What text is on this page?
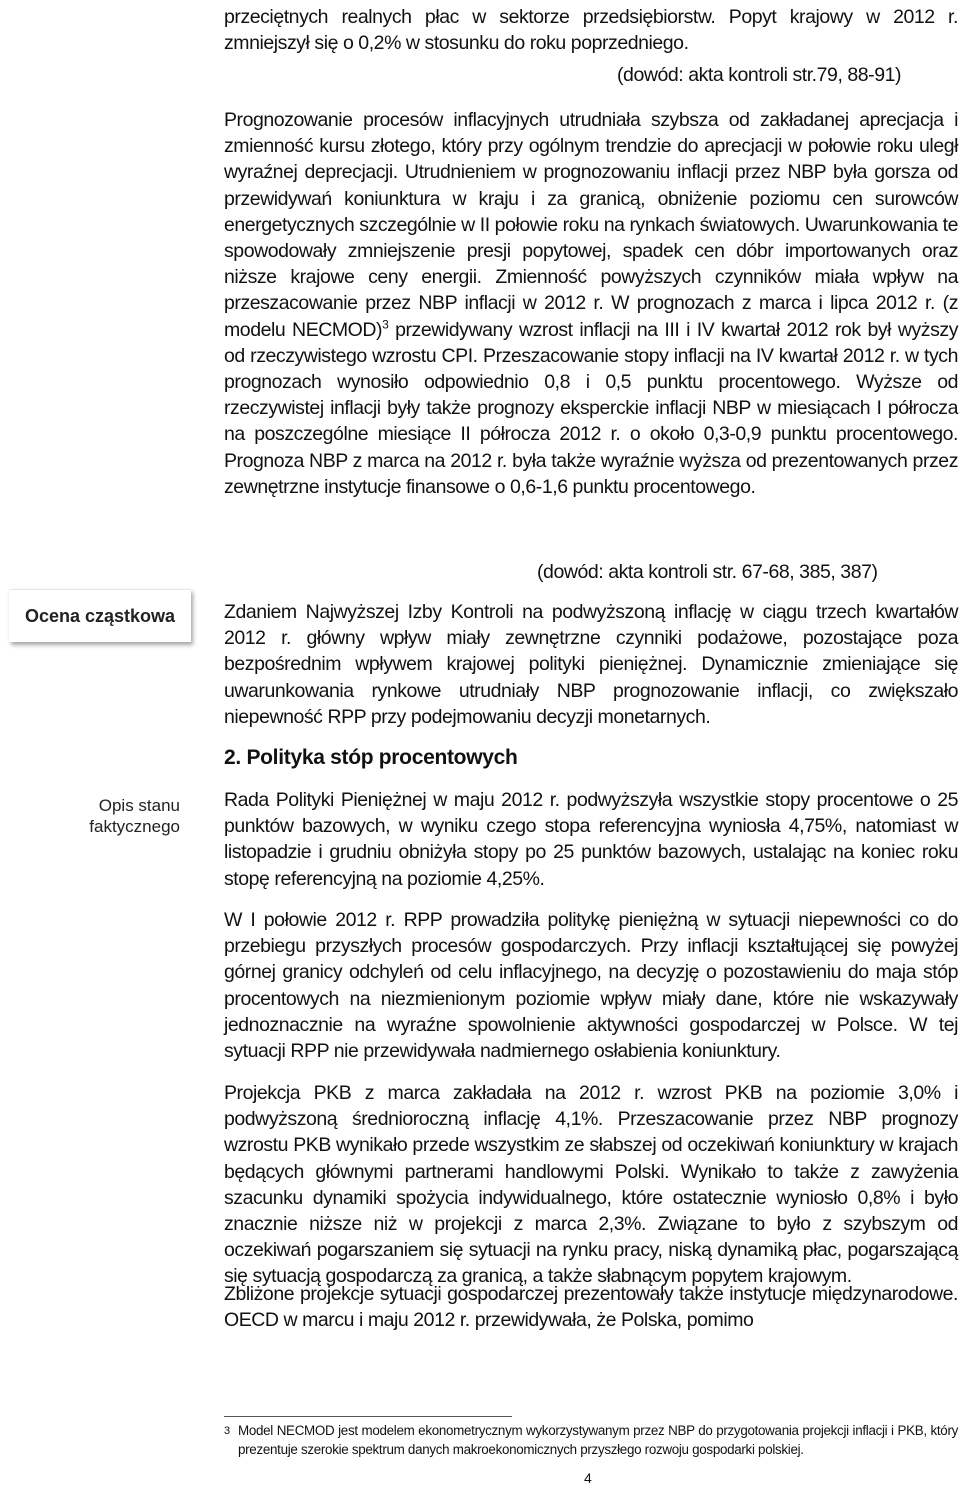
Ocena cząstkowa
Opis stanu faktycznego

przeciętnych realnych płac w sektorze przedsiębiorstw. Popyt krajowy w 2012 r. zmniejszył się o 0,2% w stosunku do roku poprzedniego.

(dowód: akta kontroli str.79, 88-91)

Prognozowanie procesów inflacyjnych utrudniała szybsza od zakładanej aprecjacja i zmienność kursu złotego, który przy ogólnym trendzie do aprecjacji w połowie roku uległ wyraźnej deprecjacji. Utrudnieniem w prognozowaniu inflacji przez NBP była gorsza od przewidywań koniunktura w kraju i za granicą, obniżenie poziomu cen surowców energetycznych szczególnie w II połowie roku na rynkach światowych. Uwarunkowania te spowodowały zmniejszenie presji popytowej, spadek cen dóbr importowanych oraz niższe krajowe ceny energii. Zmienność powyższych czynników miała wpływ na przeszacowanie przez NBP inflacji w 2012 r. W prognozach z marca i lipca 2012 r. (z modelu NECMOD)$^3$ przewidywany wzrost inflacji na III i IV kwartał 2012 rok był wyższy od rzeczywistego wzrostu CPI. Przeszacowanie stopy inflacji na IV kwartał 2012 r. w tych prognozach wynosiło odpowiednio 0,8 i 0,5 punktu procentowego. Wyższe od rzeczywistej inflacji były także prognozy eksperckie inflacji NBP w miesiącach I półrocza na poszczególne miesiące II półrocza 2012 r. o około 0,3-0,9 punktu procentowego. Prognoza NBP z marca na 2012 r. była także wyraźnie wyższa od prezentowanych przez zewnętrzne instytucje finansowe o 0,6-1,6 punktu procentowego.

(dowód: akta kontroli str. 67-68, 385, 387)

Zdaniem Najwyższej Izby Kontroli na podwyższoną inflację w ciągu trzech kwartałów 2012 r. główny wpływ miały zewnętrzne czynniki podażowe, pozostające poza bezpośrednim wpływem krajowej polityki pieniężnej. Dynamicznie zmieniające się uwarunkowania rynkowe utrudniały NBP prognozowanie inflacji, co zwiększało niepewność RPP przy podejmowaniu decyzji monetarnych.

2. Polityka stóp procentowych

Rada Polityki Pieniężnej w maju 2012 r. podwyższyła wszystkie stopy procentowe o 25 punktów bazowych, w wyniku czego stopa referencyjna wyniosła 4,75%, natomiast w listopadzie i grudniu obniżyła stopy po 25 punktów bazowych, ustalając na koniec roku stopę referencyjną na poziomie 4,25%.

W I połowie 2012 r. RPP prowadziła politykę pieniężną w sytuacji niepewności co do przebiegu przyszłych procesów gospodarczych. Przy inflacji kształtującej się powyżej górnej granicy odchyleń od celu inflacyjnego, na decyzję o pozostawieniu do maja stóp procentowych na niezmienionym poziomie wpływ miały dane, które nie wskazywały jednoznacznie na wyraźne spowolnienie aktywności gospodarczej w Polsce. W tej sytuacji RPP nie przewidywała nadmiernego osłabienia koniunktury.

Projekcja PKB z marca zakładała na 2012 r. wzrost PKB na poziomie 3,0% i podwyższoną średnioroczną inflację 4,1%. Przeszacowanie przez NBP prognozy wzrostu PKB wynikało przede wszystkim ze słabszej od oczekiwań koniunktury w krajach będących głównymi partnerami handlowymi Polski. Wynikało to także z zawyżenia szacunku dynamiki spożycia indywidualnego, które ostatecznie wyniosło 0,8% i było znacznie niższe niż w projekcji z marca 2,3%. Związane to było z szybszym od oczekiwań pogarszaniem się sytuacji na rynku pracy, niską dynamiką płac, pogarszającą się sytuacją gospodarczą za granicą, a także słabnącym popytem krajowym.

Zbliżone projekcje sytuacji gospodarczej prezentowały także instytucje międzynarodowe. OECD w marcu i maju 2012 r. przewidywała, że Polska, pomimo

3 Model NECMOD jest modelem ekonometrycznym wykorzystywanym przez NBP do przygotowania projekcji inflacji i PKB, który prezentuje szerokie spektrum danych makroekonomicznych przyszłego rozwoju gospodarki polskiej.
4
